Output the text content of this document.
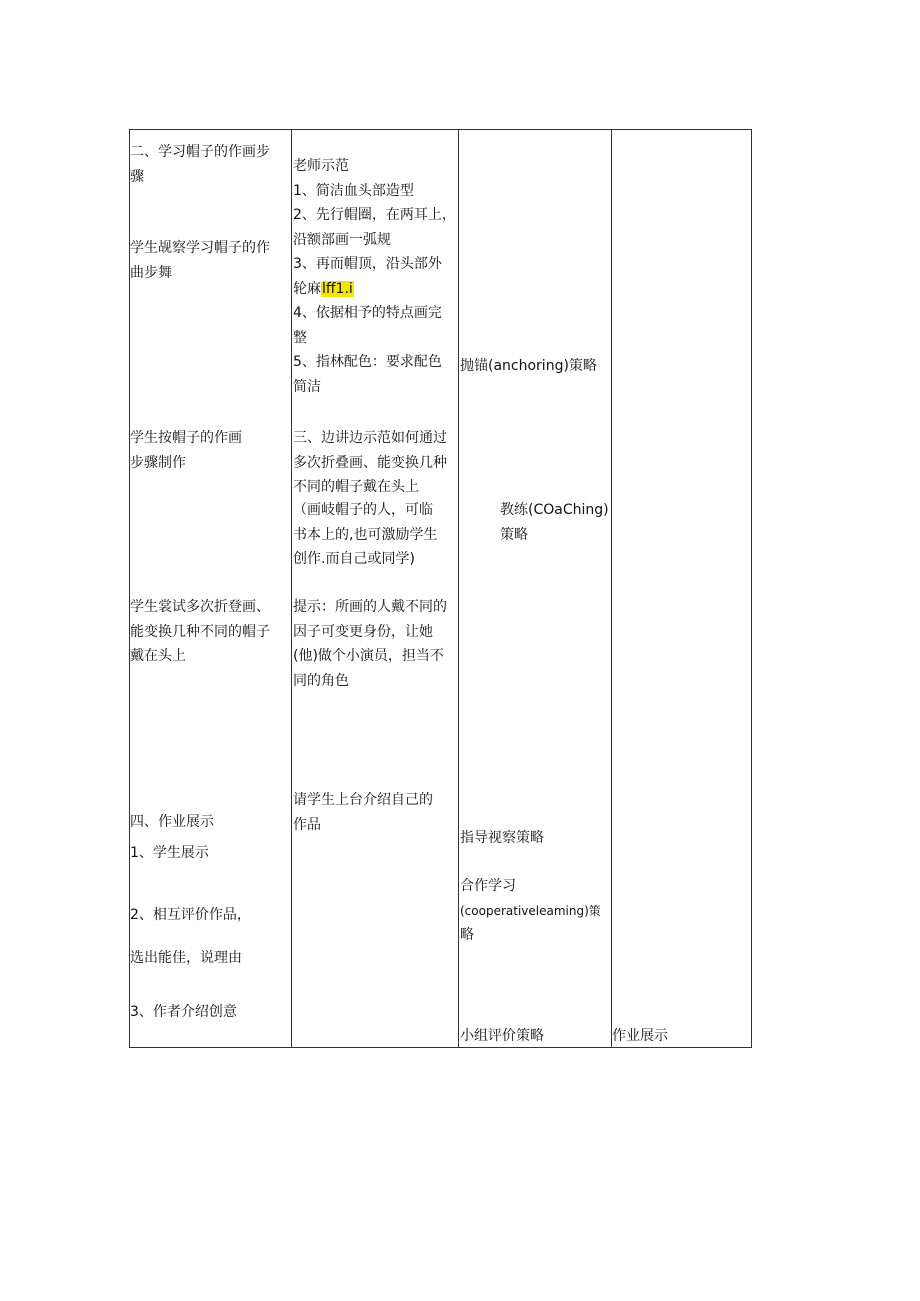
二、学习帽子的作画步
骤
学生觇察学习帽子的作
曲步舞
学生按帽子的作画
步骤制作
学生裳试多次折登画、
能变换几种不同的帽子
戴在头上
四、作业展示
1、学生展示
2、相互评价作品，
选出能佳，说理由
3、作者介绍创意
老师示范
1、简洁血头部造型
2、先行帽圈，在两耳上，
沿额部画一弧规
3、再而帽顶，沿头部外
轮麻lff1.i
4、依据相予的特点画完
整
5、指林配色：要求配色
简洁
三、边讲边示范如何通过
多次折叠画、能变换几种
不同的帽子戴在头上
（画岐帽子的人，可临
书本上的,也可激励学生
创作.而自己或同学)
提示：所画的人戴不同的
因子可变更身份，让她
(他)做个小演员，担当不
同的角色
请学生上台介绍自己的
作品
抛锚(anchoring)策略
教练(COaChing)
策略
指导视察策略
合作学习
(cooperativeleaming)策
略
小组评价策略	作业展示
